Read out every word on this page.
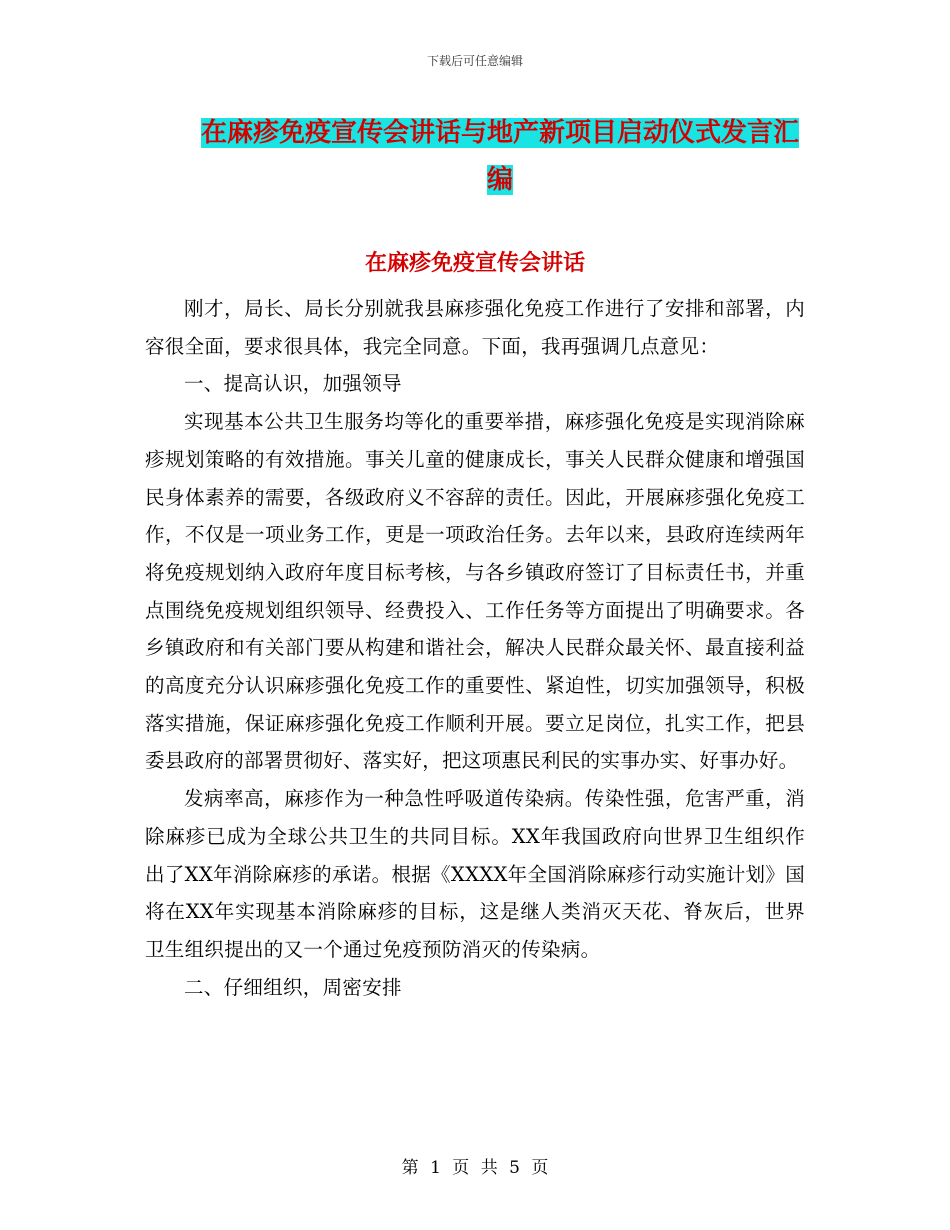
下载后可任意编辑
在麻疹免疫宣传会讲话与地产新项目启动仪式发言汇编
在麻疹免疫宣传会讲话

刚才，局长、局长分别就我县麻疹强化免疫工作进行了安排和部署，内容很全面，要求很具体，我完全同意。下面，我再强调几点意见：

一、提高认识，加强领导

实现基本公共卫生服务均等化的重要举措，麻疹强化免疫是实现消除麻疹规划策略的有效措施。事关儿童的健康成长，事关人民群众健康和增强国民身体素养的需要，各级政府义不容辞的责任。因此，开展麻疹强化免疫工作，不仅是一项业务工作，更是一项政治任务。去年以来，县政府连续两年将免疫规划纳入政府年度目标考核，与各乡镇政府签订了目标责任书，并重点围绕免疫规划组织领导、经费投入、工作任务等方面提出了明确要求。各乡镇政府和有关部门要从构建和谐社会，解决人民群众最关怀、最直接利益的高度充分认识麻疹强化免疫工作的重要性、紧迫性，切实加强领导，积极落实措施，保证麻疹强化免疫工作顺利开展。要立足岗位，扎实工作，把县委县政府的部署贯彻好、落实好，把这项惠民利民的实事办实、好事办好。

发病率高，麻疹作为一种急性呼吸道传染病。传染性强，危害严重，消除麻疹已成为全球公共卫生的共同目标。XX年我国政府向世界卫生组织作出了XX年消除麻疹的承诺。根据《XXXX年全国消除麻疹行动实施计划》国将在XX年实现基本消除麻疹的目标，这是继人类消灭天花、脊灰后，世界卫生组织提出的又一个通过免疫预防消灭的传染病。

二、仔细组织，周密安排

第 1 页 共 5 页
